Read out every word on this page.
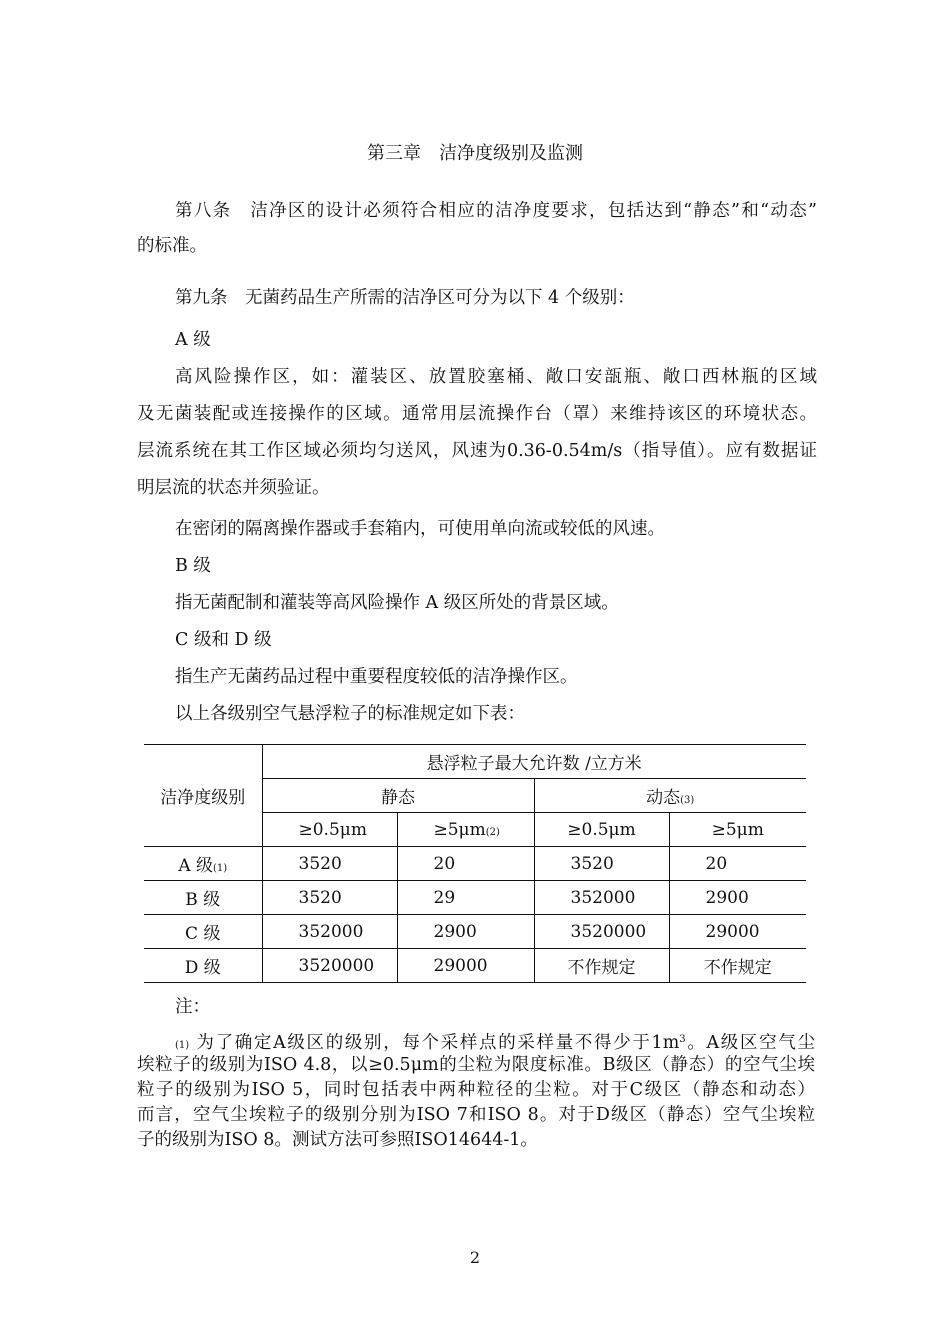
第三章　洁净度级别及监测
第八条　洁净区的设计必须符合相应的洁净度要求，包括达到“静态”和“动态”
的标准。
第九条　无菌药品生产所需的洁净区可分为以下 4 个级别：
A 级
高风险操作区，如：灌装区、放置胶塞桶、敞口安瓿瓶、敞口西林瓶的区域
及无菌装配或连接操作的区域。通常用层流操作台（罩）来维持该区的环境状态。
层流系统在其工作区域必须均匀送风，风速为0.36-0.54m/s（指导值）。应有数据证
明层流的状态并须验证。
在密闭的隔离操作器或手套箱内，可使用单向流或较低的风速。
B 级
指无菌配制和灌装等高风险操作 A 级区所处的背景区域。
C 级和 D 级
指生产无菌药品过程中重要程度较低的洁净操作区。
以上各级别空气悬浮粒子的标准规定如下表：
洁净度级别	悬浮粒子最大允许数 /立方米			
	静态		动态(3)	
	≥0.5μm	≥5μm(2)	≥0.5μm	≥5μm
A 级(1)	3520	20	3520	20
B 级	3520	29	352000	2900
C 级	352000	2900	3520000	29000
D 级	3520000	29000	不作规定	不作规定
注：
(1) 为了确定A级区的级别，每个采样点的采样量不得少于$1m^3$。A级区空气尘
埃粒子的级别为ISO 4.8，以≥0.5μm的尘粒为限度标准。B级区（静态）的空气尘埃
粒子的级别为ISO 5，同时包括表中两种粒径的尘粒。对于C级区（静态和动态）
而言，空气尘埃粒子的级别分别为ISO 7和ISO 8。对于D级区（静态）空气尘埃粒
子的级别为ISO 8。测试方法可参照ISO14644-1。
2
